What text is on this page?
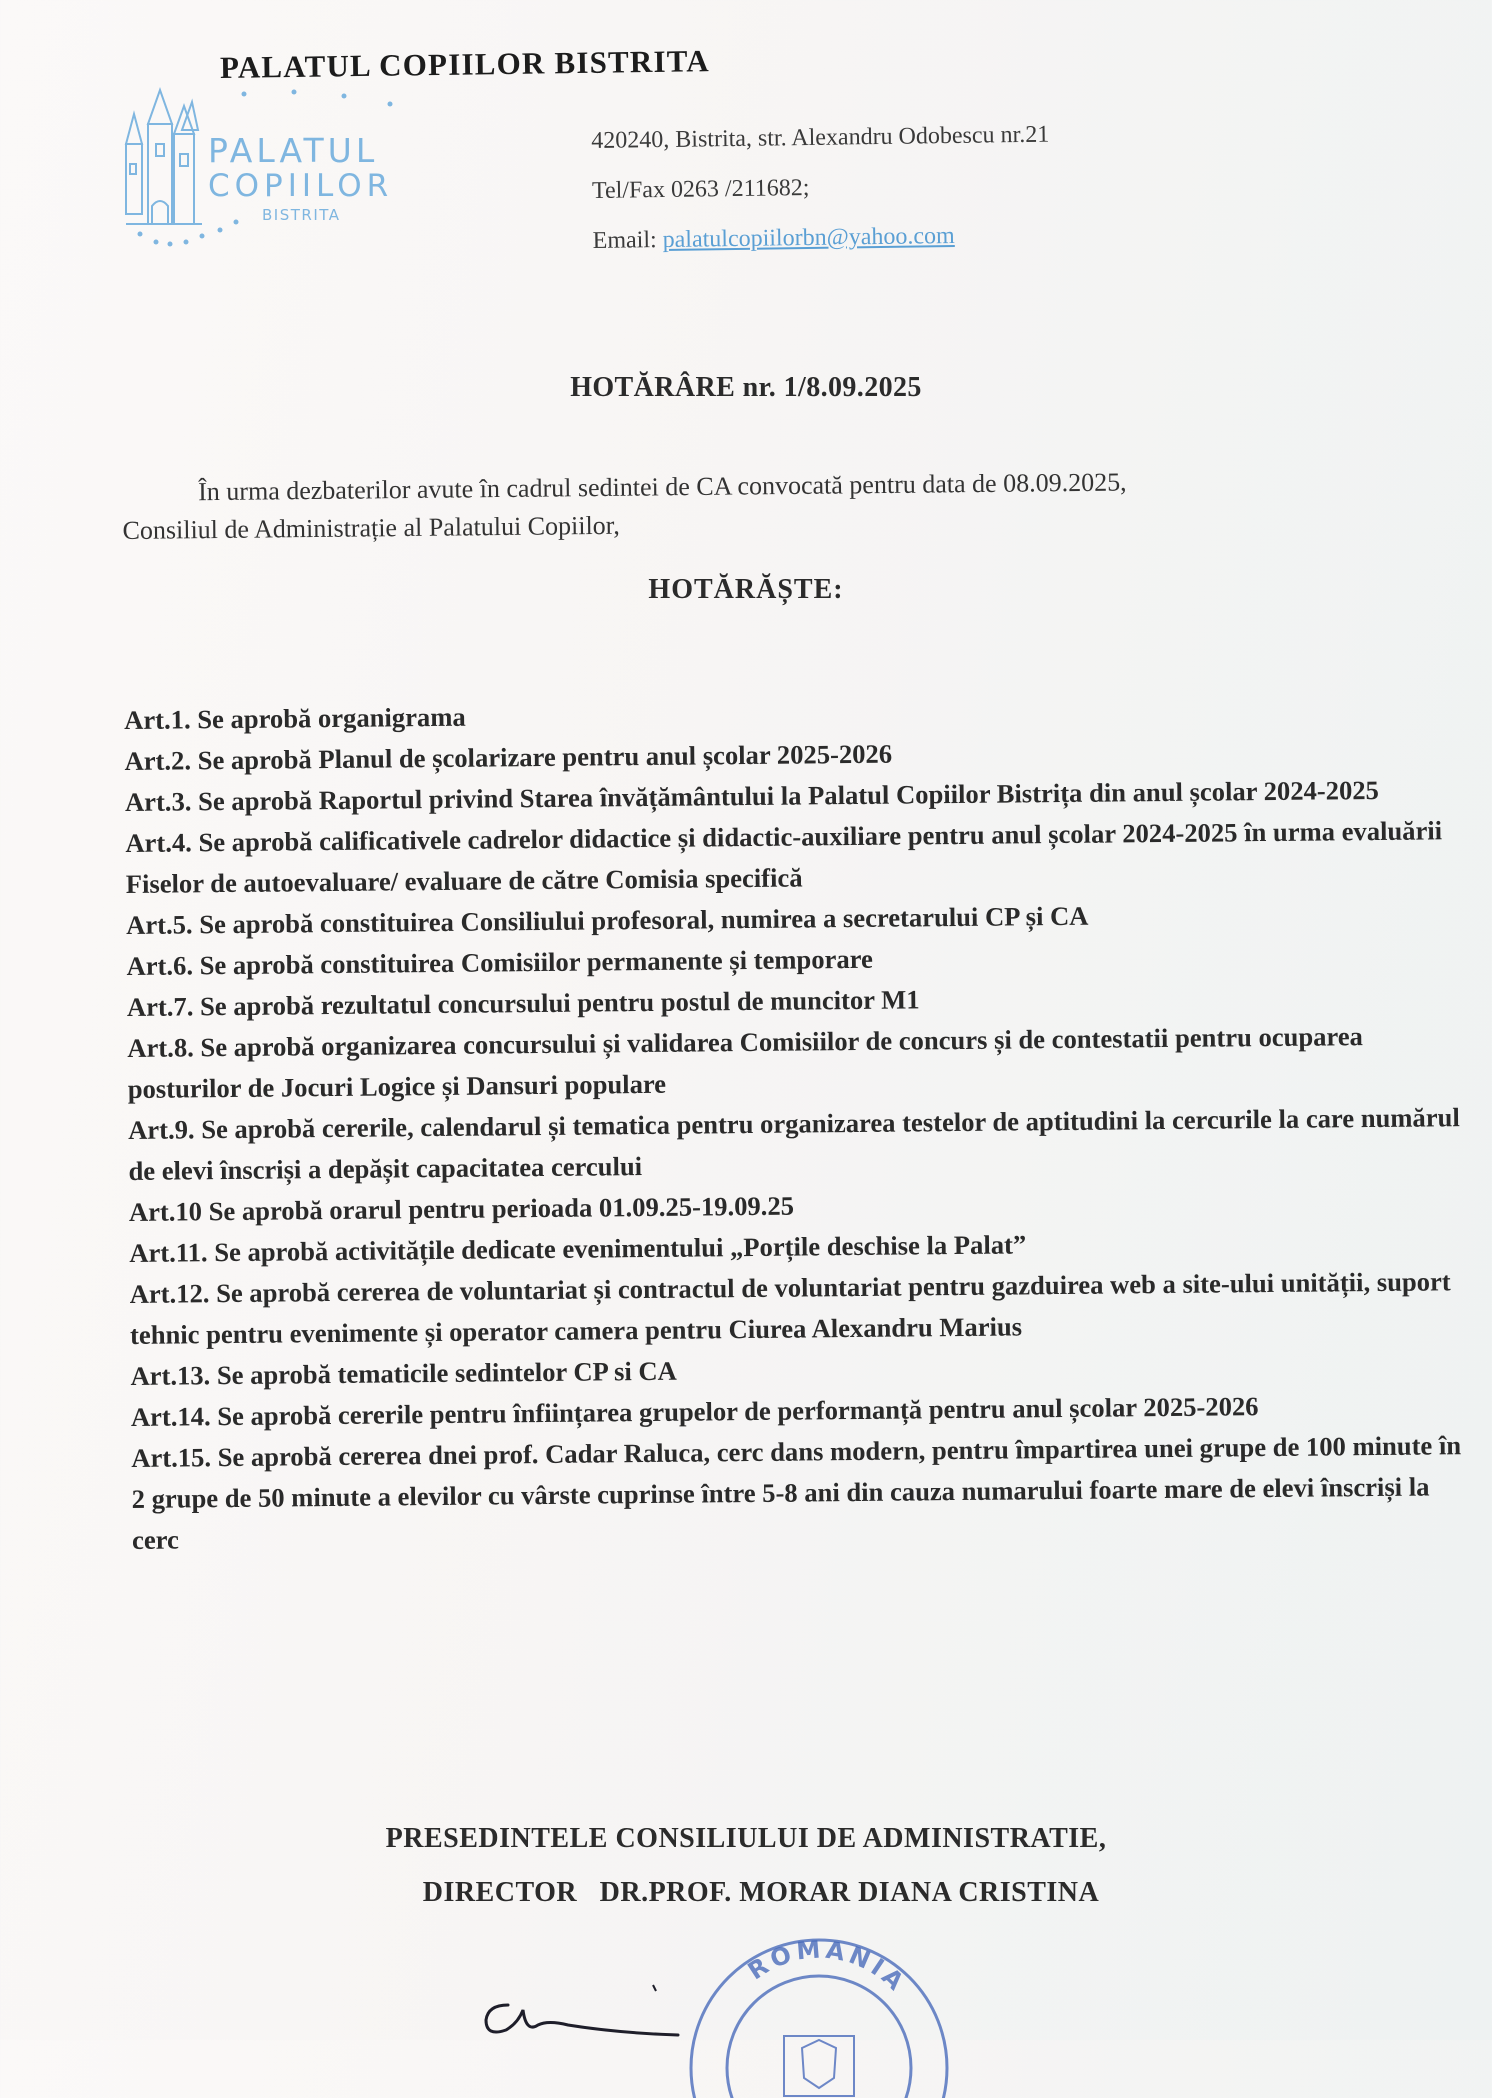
PALATUL
COPIILOR
BISTRITA
PALATUL COPIILOR BISTRITA
420240, Bistrita, str. Alexandru Odobescu nr.21
Tel/Fax 0263 /211682;
Email: palatulcopiilorbn@yahoo.com
HOTĂRÂRE nr. 1/8.09.2025
În urma dezbaterilor avute în cadrul sedintei de CA convocată pentru data de 08.09.2025,
Consiliul de Administrație al Palatului Copiilor,
HOTĂRĂȘTE:

Art.1. Se aprobă organigrama

Art.2. Se aprobă Planul de școlarizare pentru anul școlar 2025-2026

Art.3. Se aprobă Raportul privind Starea învățământului la Palatul Copiilor Bistrița din anul școlar 2024-2025

Art.4. Se aprobă calificativele cadrelor didactice și didactic-auxiliare pentru anul școlar 2024-2025 în urma evaluării Fiselor de autoevaluare/ evaluare de către Comisia specifică

Art.5. Se aprobă constituirea Consiliului profesoral, numirea a secretarului CP și CA

Art.6. Se aprobă constituirea Comisiilor permanente și temporare

Art.7. Se aprobă rezultatul concursului pentru postul de muncitor M1

Art.8. Se aprobă organizarea concursului și validarea Comisiilor de concurs și de contestatii pentru ocuparea posturilor de Jocuri Logice și Dansuri populare

Art.9. Se aprobă cererile, calendarul și tematica pentru organizarea testelor de aptitudini la cercurile la care numărul de elevi înscriși a depășit capacitatea cercului

Art.10 Se aprobă orarul pentru perioada 01.09.25-19.09.25

Art.11. Se aprobă activitățile dedicate evenimentului „Porțile deschise la Palat”

Art.12. Se aprobă cererea de voluntariat și contractul de voluntariat pentru gazduirea web a site-ului unității, suport tehnic pentru evenimente și operator camera pentru Ciurea Alexandru Marius

Art.13. Se aprobă tematicile sedintelor CP si CA

Art.14. Se aprobă cererile pentru înființarea grupelor de performanță pentru anul școlar 2025-2026

Art.15. Se aprobă cererea dnei prof. Cadar Raluca, cerc dans modern, pentru împartirea unei grupe de 100 minute în 2 grupe de 50 minute a elevilor cu vârste cuprinse între 5-8 ani din cauza numarului foarte mare de elevi înscriși la cerc

PRESEDINTELE CONSILIULUI DE ADMINISTRATIE,
DIRECTOR   DR.PROF. MORAR DIANA CRISTINA
ROMANIA
